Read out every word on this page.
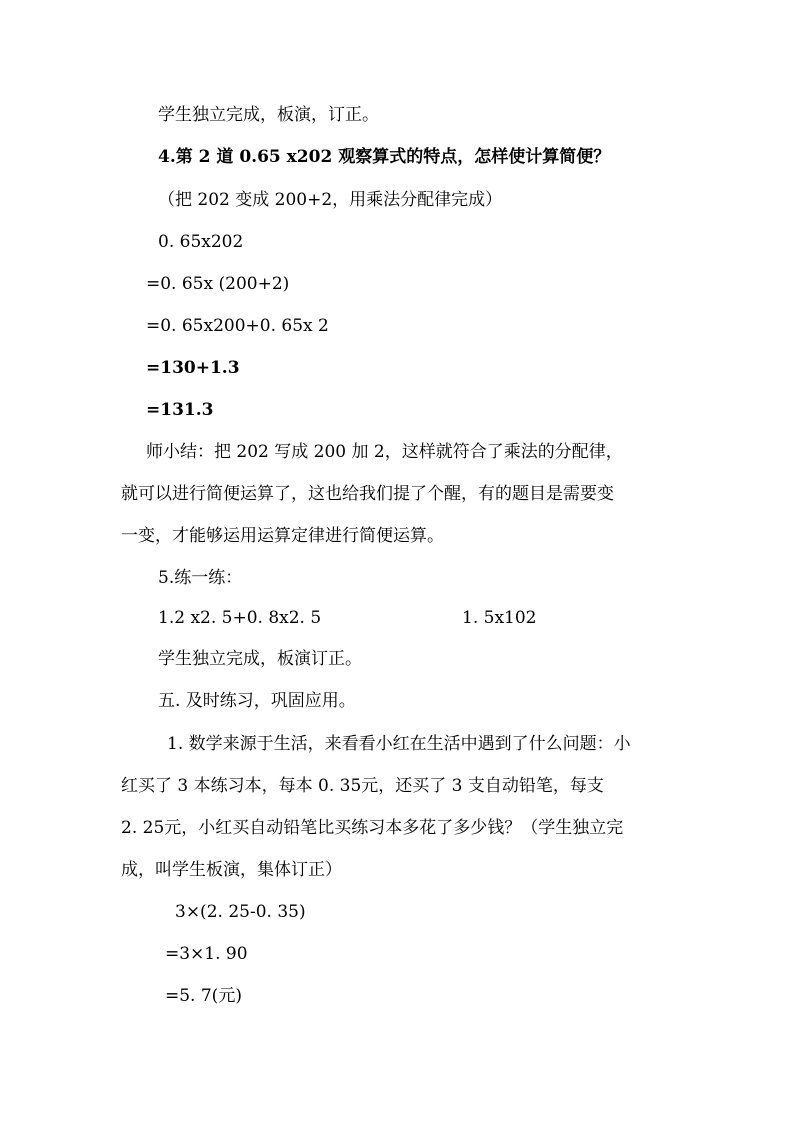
学生独立完成，板演，订正。
4.第 2 道 0.65 x202 观察算式的特点，怎样使计算简便？
（把 202 变成 200+2，用乘法分配律完成）
0. 65x202
=0. 65x (200+2)
=0. 65x200+0. 65x 2
=130+1.3
=131.3
师小结：把 202 写成 200 加 2，这样就符合了乘法的分配律，
就可以进行简便运算了，这也给我们提了个醒，有的题目是需要变
一变，才能够运用运算定律进行简便运算。
5.练一练：
1.2 x2. 5+0. 8x2. 5	1. 5x102
学生独立完成，板演订正。
五. 及时练习，巩固应用。
1. 数学来源于生活，来看看小红在生活中遇到了什么问题：小
红买了 3 本练习本，每本 0. 35元，还买了 3 支自动铅笔，每支
2. 25元，小红买自动铅笔比买练习本多花了多少钱？（学生独立完
成，叫学生板演，集体订正）
3×(2. 25-0. 35)
=3×1. 90
=5. 7(元)
